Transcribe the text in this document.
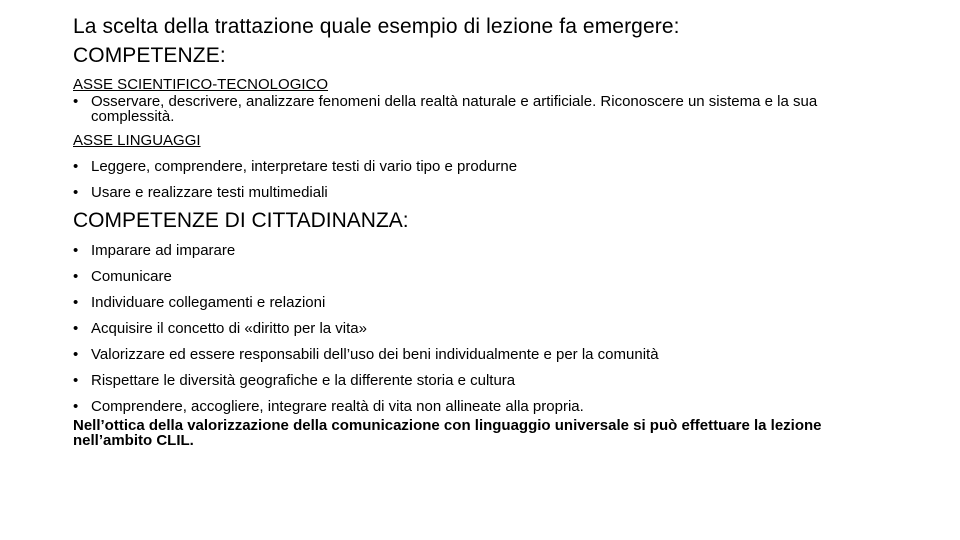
La scelta della trattazione quale esempio di lezione fa emergere:
COMPETENZE:
ASSE SCIENTIFICO-TECNOLOGICO
• Osservare, descrivere, analizzare fenomeni della realtà naturale e artificiale. Riconoscere un sistema e la sua complessità.
ASSE LINGUAGGI
• Leggere, comprendere, interpretare testi di vario tipo e produrne
• Usare e realizzare testi multimediali
COMPETENZE DI CITTADINANZA:
• Imparare ad imparare
• Comunicare
• Individuare collegamenti e relazioni
• Acquisire il concetto di «diritto per la vita»
• Valorizzare ed essere responsabili dell’uso dei beni individualmente e per la comunità
• Rispettare le diversità geografiche e la differente storia e cultura
• Comprendere, accogliere, integrare realtà di vita non allineate alla propria.
Nell’ottica della valorizzazione della comunicazione con linguaggio universale si può effettuare la lezione nell’ambito CLIL.
